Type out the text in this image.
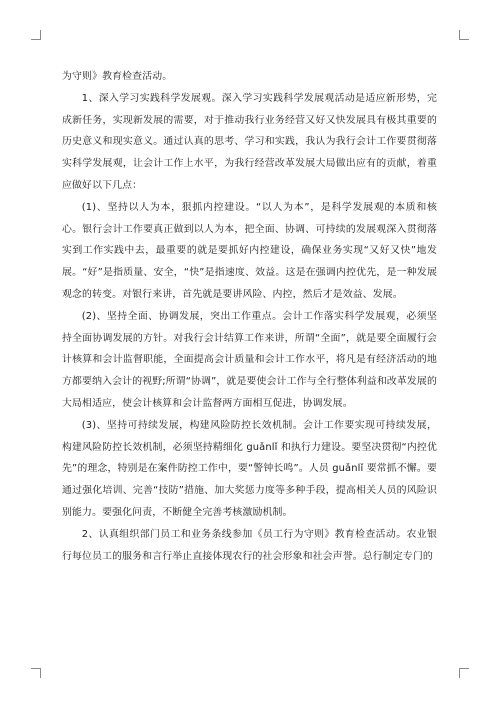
为守则》教育检查活动。

1、深入学习实践科学发展观。深入学习实践科学发展观活动是适应新形势，完成新任务，实现新发展的需要，对于推动我行业务经营又好又快发展具有极其重要的历史意义和现实意义。通过认真的思考、学习和实践，我认为我行会计工作要贯彻落实科学发展观，让会计工作上水平，为我行经营改革发展大局做出应有的贡献，着重应做好以下几点：

(1)、坚持以人为本，狠抓内控建设。“以人为本”，是科学发展观的本质和核心。银行会计工作要真正做到以人为本，把全面、协调、可持续的发展观深入贯彻落实到工作实践中去，最重要的就是要抓好内控建设，确保业务实现“又好又快”地发展。“好”是指质量、安全，“快”是指速度、效益。这是在强调内控优先，是一种发展观念的转变。对银行来讲，首先就是要讲风险、内控，然后才是效益、发展。

(2)、坚持全面、协调发展，突出工作重点。会计工作落实科学发展观，必须坚持全面协调发展的方针。对我行会计结算工作来讲，所谓“全面”，就是要全面履行会计核算和会计监督职能，全面提高会计质量和会计工作水平，将凡是有经济活动的地方都要纳入会计的视野;所谓“协调”，就是要使会计工作与全行整体利益和改革发展的大局相适应，使会计核算和会计监督两方面相互促进，协调发展。

(3)、坚持可持续发展，构建风险防控长效机制。会计工作要实现可持续发展，构建风险防控长效机制，必须坚持精细化 guǎnlǐ 和执行力建设。要坚决贯彻“内控优先”的理念，特别是在案件防控工作中，要“警钟长鸣”。人员 guǎnlǐ 要常抓不懈。要通过强化培训、完善“技防”措施、加大奖惩力度等多种手段，提高相关人员的风险识别能力。要强化问责，不断健全完善考核激励机制。

2、认真组织部门员工和业务条线参加《员工行为守则》教育检查活动。农业银行每位员工的服务和言行举止直接体现农行的社会形象和社会声誉。总行制定专门的
